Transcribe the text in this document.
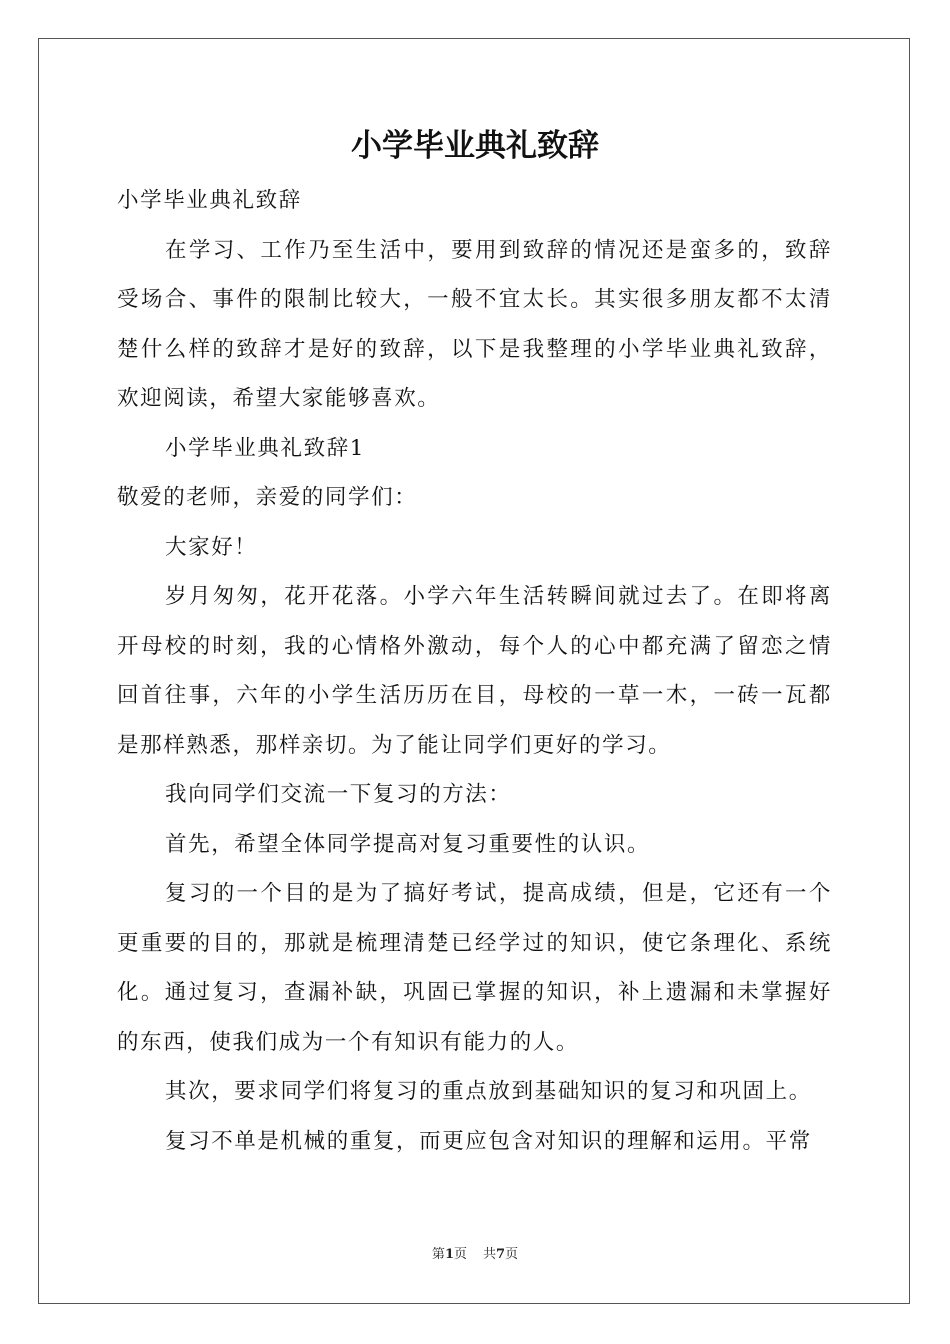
小学毕业典礼致辞

小学毕业典礼致辞

在学习、工作乃至生活中，要用到致辞的情况还是蛮多的，致辞受场合、事件的限制比较大，一般不宜太长。其实很多朋友都不太清楚什么样的致辞才是好的致辞，以下是我整理的小学毕业典礼致辞，欢迎阅读，希望大家能够喜欢。

小学毕业典礼致辞1

敬爱的老师，亲爱的同学们：

大家好！

岁月匆匆，花开花落。小学六年生活转瞬间就过去了。在即将离开母校的时刻，我的心情格外激动，每个人的心中都充满了留恋之情回首往事，六年的小学生活历历在目，母校的一草一木，一砖一瓦都是那样熟悉，那样亲切。为了能让同学们更好的学习。

我向同学们交流一下复习的方法：

首先，希望全体同学提高对复习重要性的认识。

复习的一个目的是为了搞好考试，提高成绩，但是，它还有一个更重要的目的，那就是梳理清楚已经学过的知识，使它条理化、系统化。通过复习，查漏补缺，巩固已掌握的知识，补上遗漏和未掌握好的东西，使我们成为一个有知识有能力的人。

其次，要求同学们将复习的重点放到基础知识的复习和巩固上。

复习不单是机械的重复，而更应包含对知识的理解和运用。平常

第1页 共7页
